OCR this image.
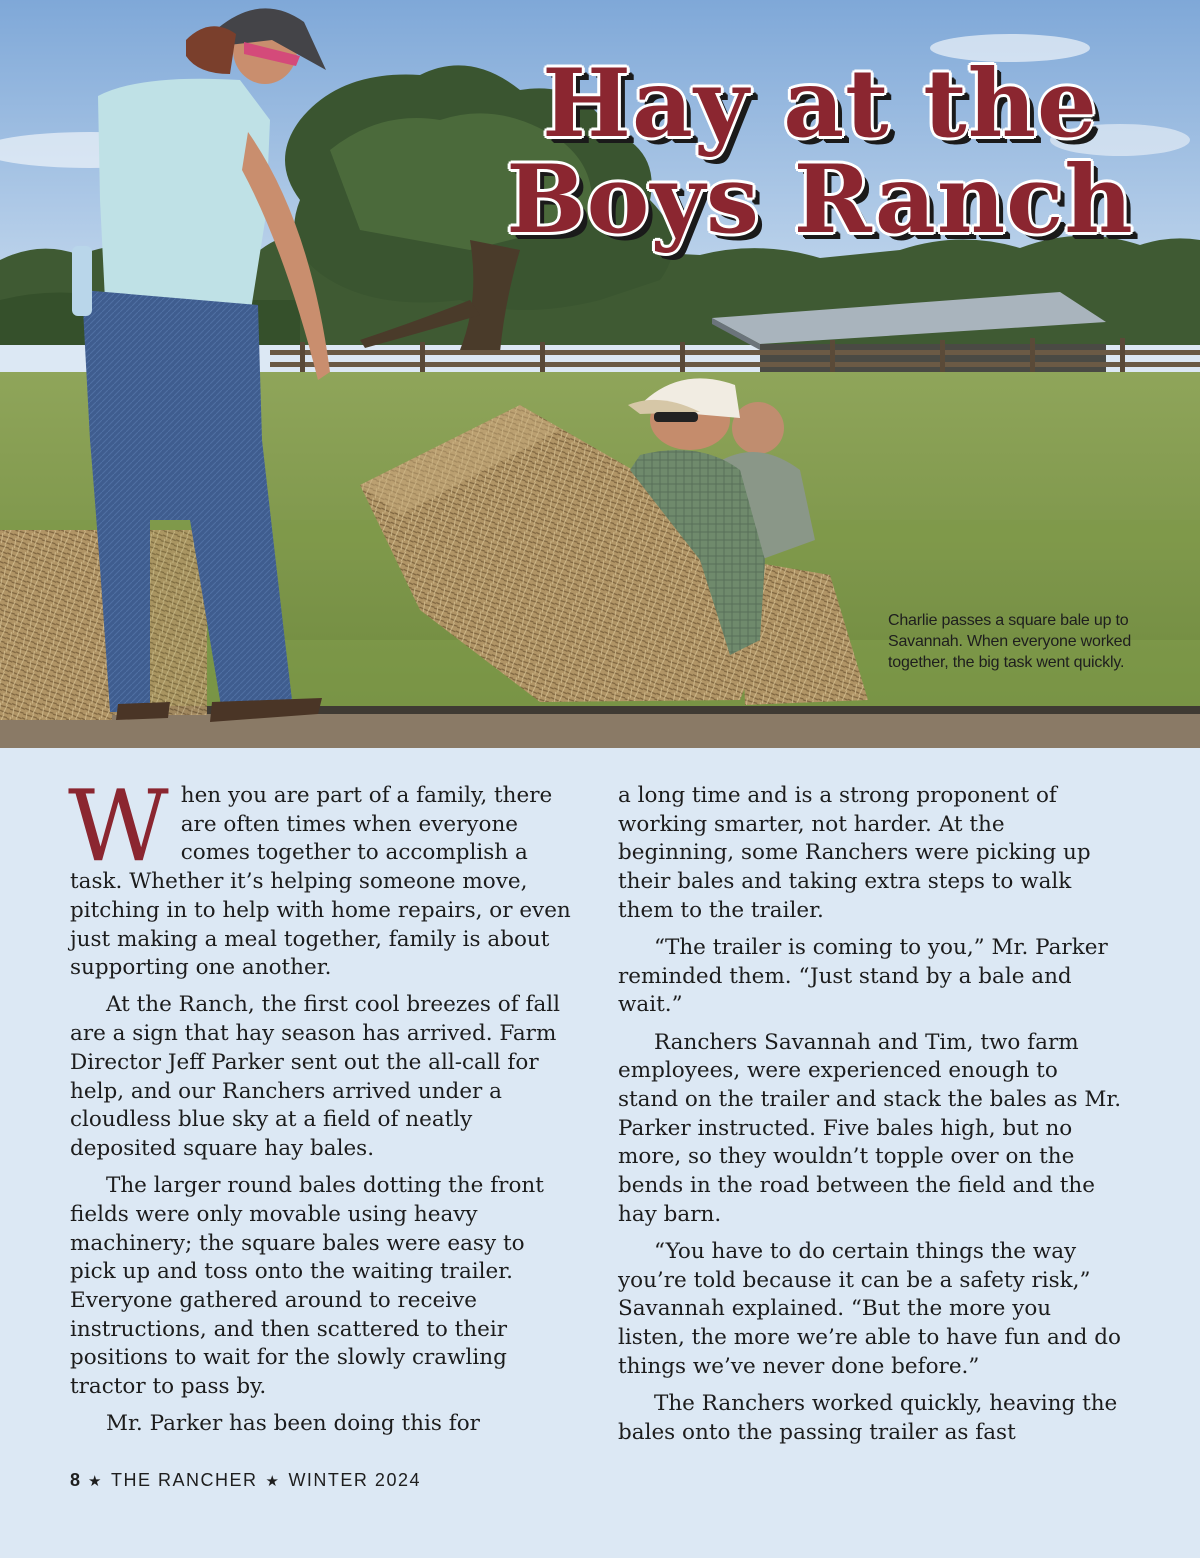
Hay at the
Boys Ranch

Charlie passes a square bale up to Savannah. When everyone worked together, the big task went quickly.

When you are part of a family, there are often times when everyone comes together to accomplish a task. Whether it’s helping someone move, pitching in to help with home repairs, or even just making a meal together, family is about supporting one another.

At the Ranch, the first cool breezes of fall are a sign that hay season has arrived. Farm Director Jeff Parker sent out the all-call for help, and our Ranchers arrived under a cloudless blue sky at a field of neatly deposited square hay bales.

The larger round bales dotting the front fields were only movable using heavy machinery; the square bales were easy to pick up and toss onto the waiting trailer. Everyone gathered around to receive instructions, and then scattered to their positions to wait for the slowly crawling tractor to pass by.

Mr. Parker has been doing this for

a long time and is a strong proponent of working smarter, not harder. At the beginning, some Ranchers were picking up their bales and taking extra steps to walk them to the trailer.

“The trailer is coming to you,” Mr. Parker reminded them. “Just stand by a bale and wait.”

Ranchers Savannah and Tim, two farm employees, were experienced enough to stand on the trailer and stack the bales as Mr. Parker instructed. Five bales high, but no more, so they wouldn’t topple over on the bends in the road between the field and the hay barn.

“You have to do certain things the way you’re told because it can be a safety risk,” Savannah explained. “But the more you listen, the more we’re able to have fun and do things we’ve never done before.”

The Ranchers worked quickly, heaving the bales onto the passing trailer as fast

8 ★ THE RANCHER ★ WINTER 2024
